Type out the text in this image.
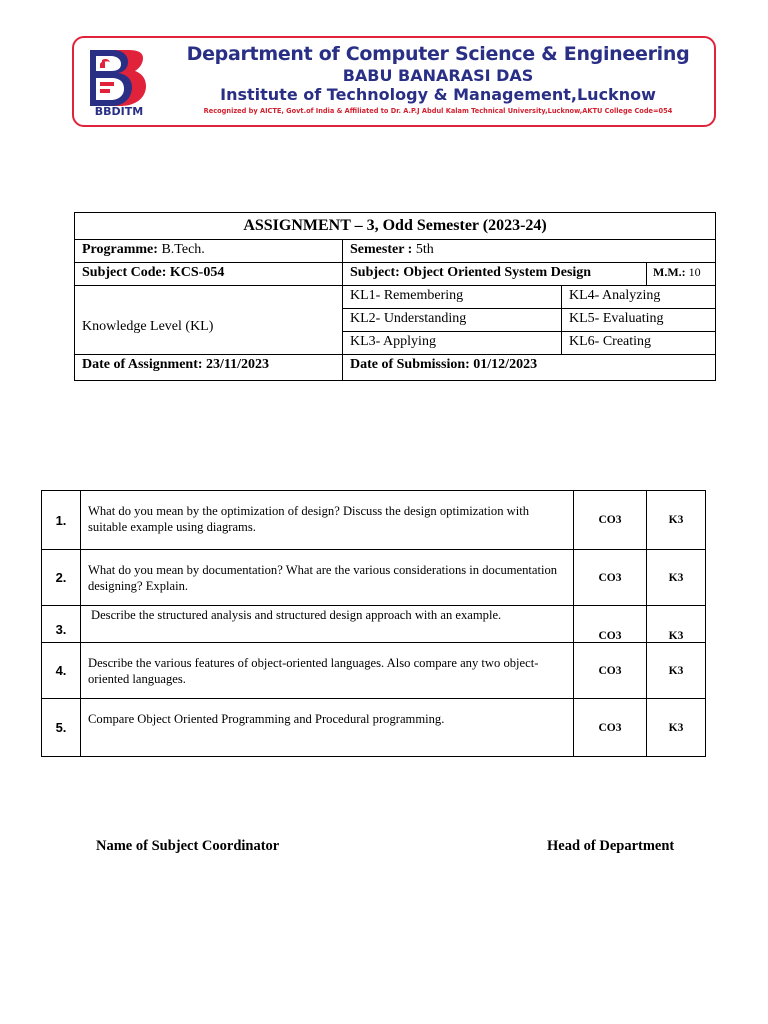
BBDITM
Department of Computer Science & Engineering
BABU BANARASI DAS
Institute of Technology & Management,Lucknow
Recognized by AICTE, Govt.of India & Affiliated to Dr. A.P.J Abdul Kalam Technical University,Lucknow,AKTU College Code=054
ASSIGNMENT – 3, Odd Semester (2023-24)			
Programme: B.Tech.	Semester : 5th		
Subject Code: KCS-054	Subject: Object Oriented System Design		M.M.: 10
Knowledge Level (KL)	KL1- Remembering	KL4- Analyzing	
	KL2- Understanding	KL5- Evaluating	
	KL3- Applying	KL6- Creating	
Date of Assignment: 23/11/2023	Date of Submission: 01/12/2023		
1.	What do you mean by the optimization of design? Discuss the design optimization with suitable example using diagrams.	CO3	K3
2.	What do you mean by documentation? What are the various considerations in documentation designing? Explain.	CO3	K3
3.	Describe the structured analysis and structured design approach with an example.	CO3	K3
4.	Describe the various features of object-oriented languages. Also compare any two object-oriented languages.	CO3	K3
5.	Compare Object Oriented Programming and Procedural programming.	CO3	K3
Name of Subject Coordinator	Head of Department
